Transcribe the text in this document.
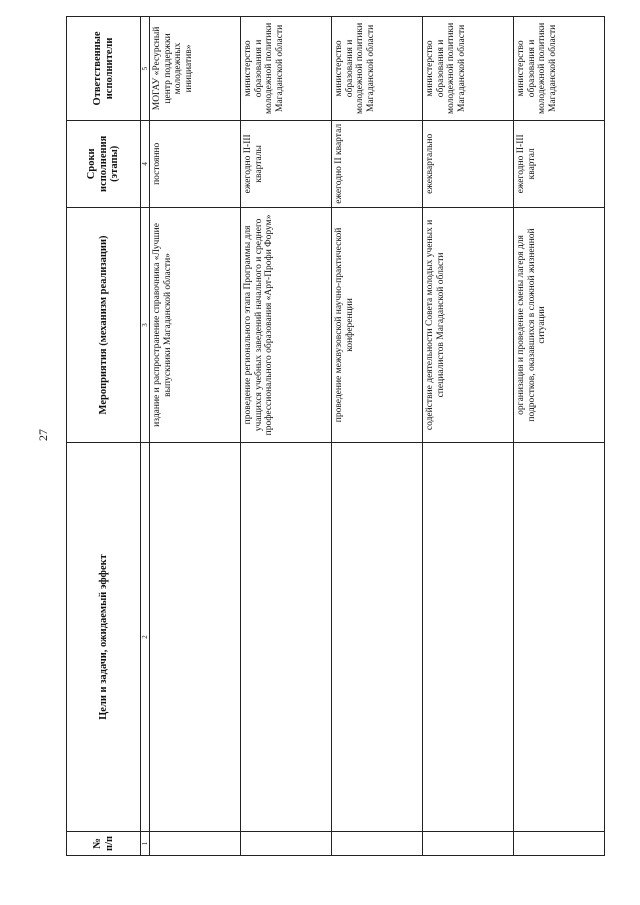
27
№ п/п	Цели и задачи, ожидаемый эффект	Мероприятия (механизм реализации)	Сроки исполнения (этапы)	Ответственные исполнители
1	2	3	4	5
		издание и распространение справочника «Лучшие выпускники Магаданской области»	постоянно	МОГАУ «Ресурсный центр поддержки молодежных инициатив»
		проведение регионального этапа Программы для учащихся учебных заведений начального и среднего профессионального образования «Арт-Профи Форум»	ежегодно II-III кварталы	министерство образования и молодежной политики Магаданской области
		проведение межвузовской научно-практической конференции	ежегодно II квартал	министерство образования и молодежной политики Магаданской области
		содействие деятельности Совета молодых ученых и специалистов Магаданской области	ежеквартально	министерство образования и молодежной политики Магаданской области
		организация и проведение смены лагеря для подростков, оказавшихся в сложной жизненной ситуации	ежегодно II-III квартал	министерство образования и молодежной политики Магаданской области
